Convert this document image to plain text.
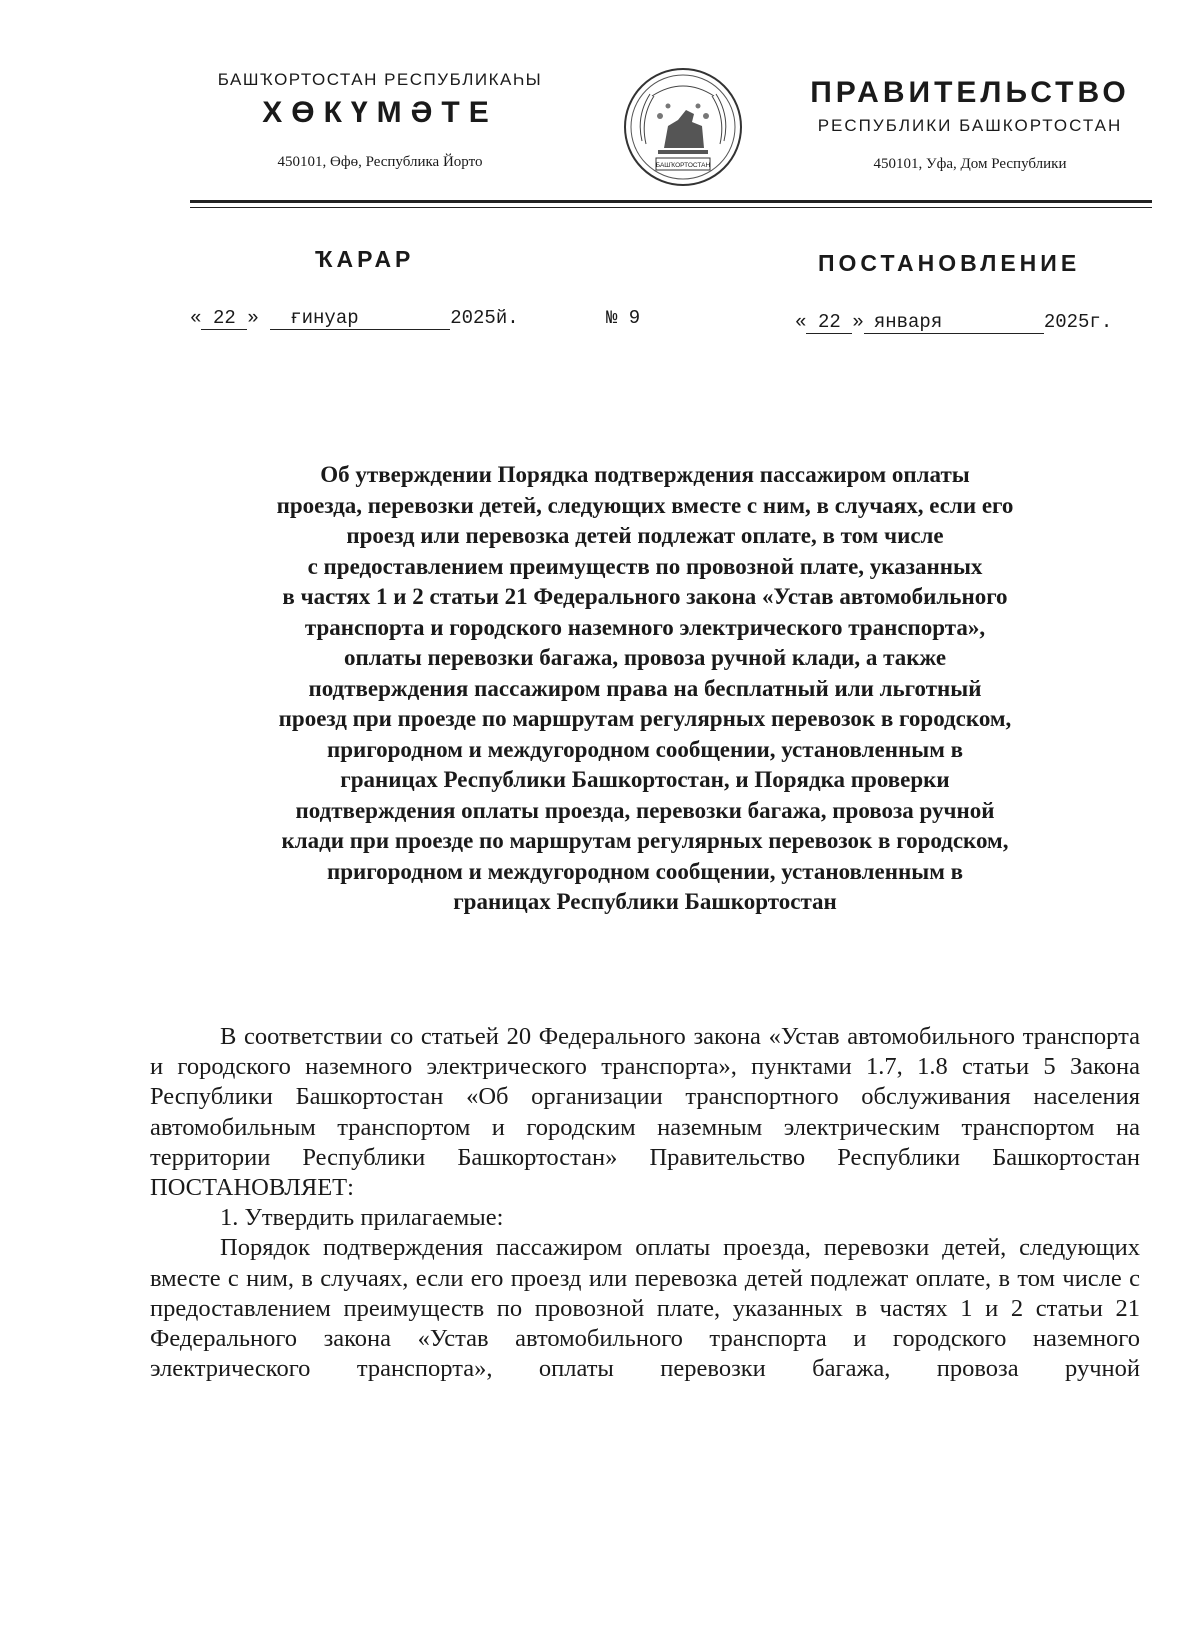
БАШҠОРТОСТАН РЕСПУБЛИКАҺЫ
ХӨКҮМӘТЕ
450101, Өфө, Республика Йорто	БАШҠОРТОСТАН
ПРАВИТЕЛЬСТВО
РЕСПУБЛИКИ БАШКОРТОСТАН
450101, Уфа, Дом Республики
ҠАРАР	ПОСТАНОВЛЕНИЕ
« 22 » ғинуар	2025й.	№ 9	« 22 » января	2025г.
Об утверждении Порядка подтверждения пассажиром оплаты
проезда, перевозки детей, следующих вместе с ним, в случаях, если его
проезд или перевозка детей подлежат оплате, в том числе
с предоставлением преимуществ по провозной плате, указанных
в частях 1 и 2 статьи 21 Федерального закона «Устав автомобильного
транспорта и городского наземного электрического транспорта»,
оплаты перевозки багажа, провоза ручной клади, а также
подтверждения пассажиром права на бесплатный или льготный
проезд при проезде по маршрутам регулярных перевозок в городском,
пригородном и междугородном сообщении, установленным в
границах Республики Башкортостан, и Порядка проверки
подтверждения оплаты проезда, перевозки багажа, провоза ручной
клади при проезде по маршрутам регулярных перевозок в городском,
пригородном и междугородном сообщении, установленным в
границах Республики Башкортостан

В соответствии со статьей 20 Федерального закона «Устав автомобильного транспорта и городского наземного электрического транспорта», пунктами 1.7, 1.8 статьи 5 Закона Республики Башкортостан «Об организации транспортного обслуживания населения автомобильным транспортом и городским наземным электрическим транспортом на территории Республики Башкортостан» Правительство Республики Башкортостан ПОСТАНОВЛЯЕТ:

1. Утвердить прилагаемые:

Порядок подтверждения пассажиром оплаты проезда, перевозки детей, следующих вместе с ним, в случаях, если его проезд или перевозка детей подлежат оплате, в том числе с предоставлением преимуществ по провозной плате, указанных в частях 1 и 2 статьи 21 Федерального закона «Устав автомобильного транспорта и городского наземного электрического транспорта», оплаты перевозки багажа, провоза ручной
